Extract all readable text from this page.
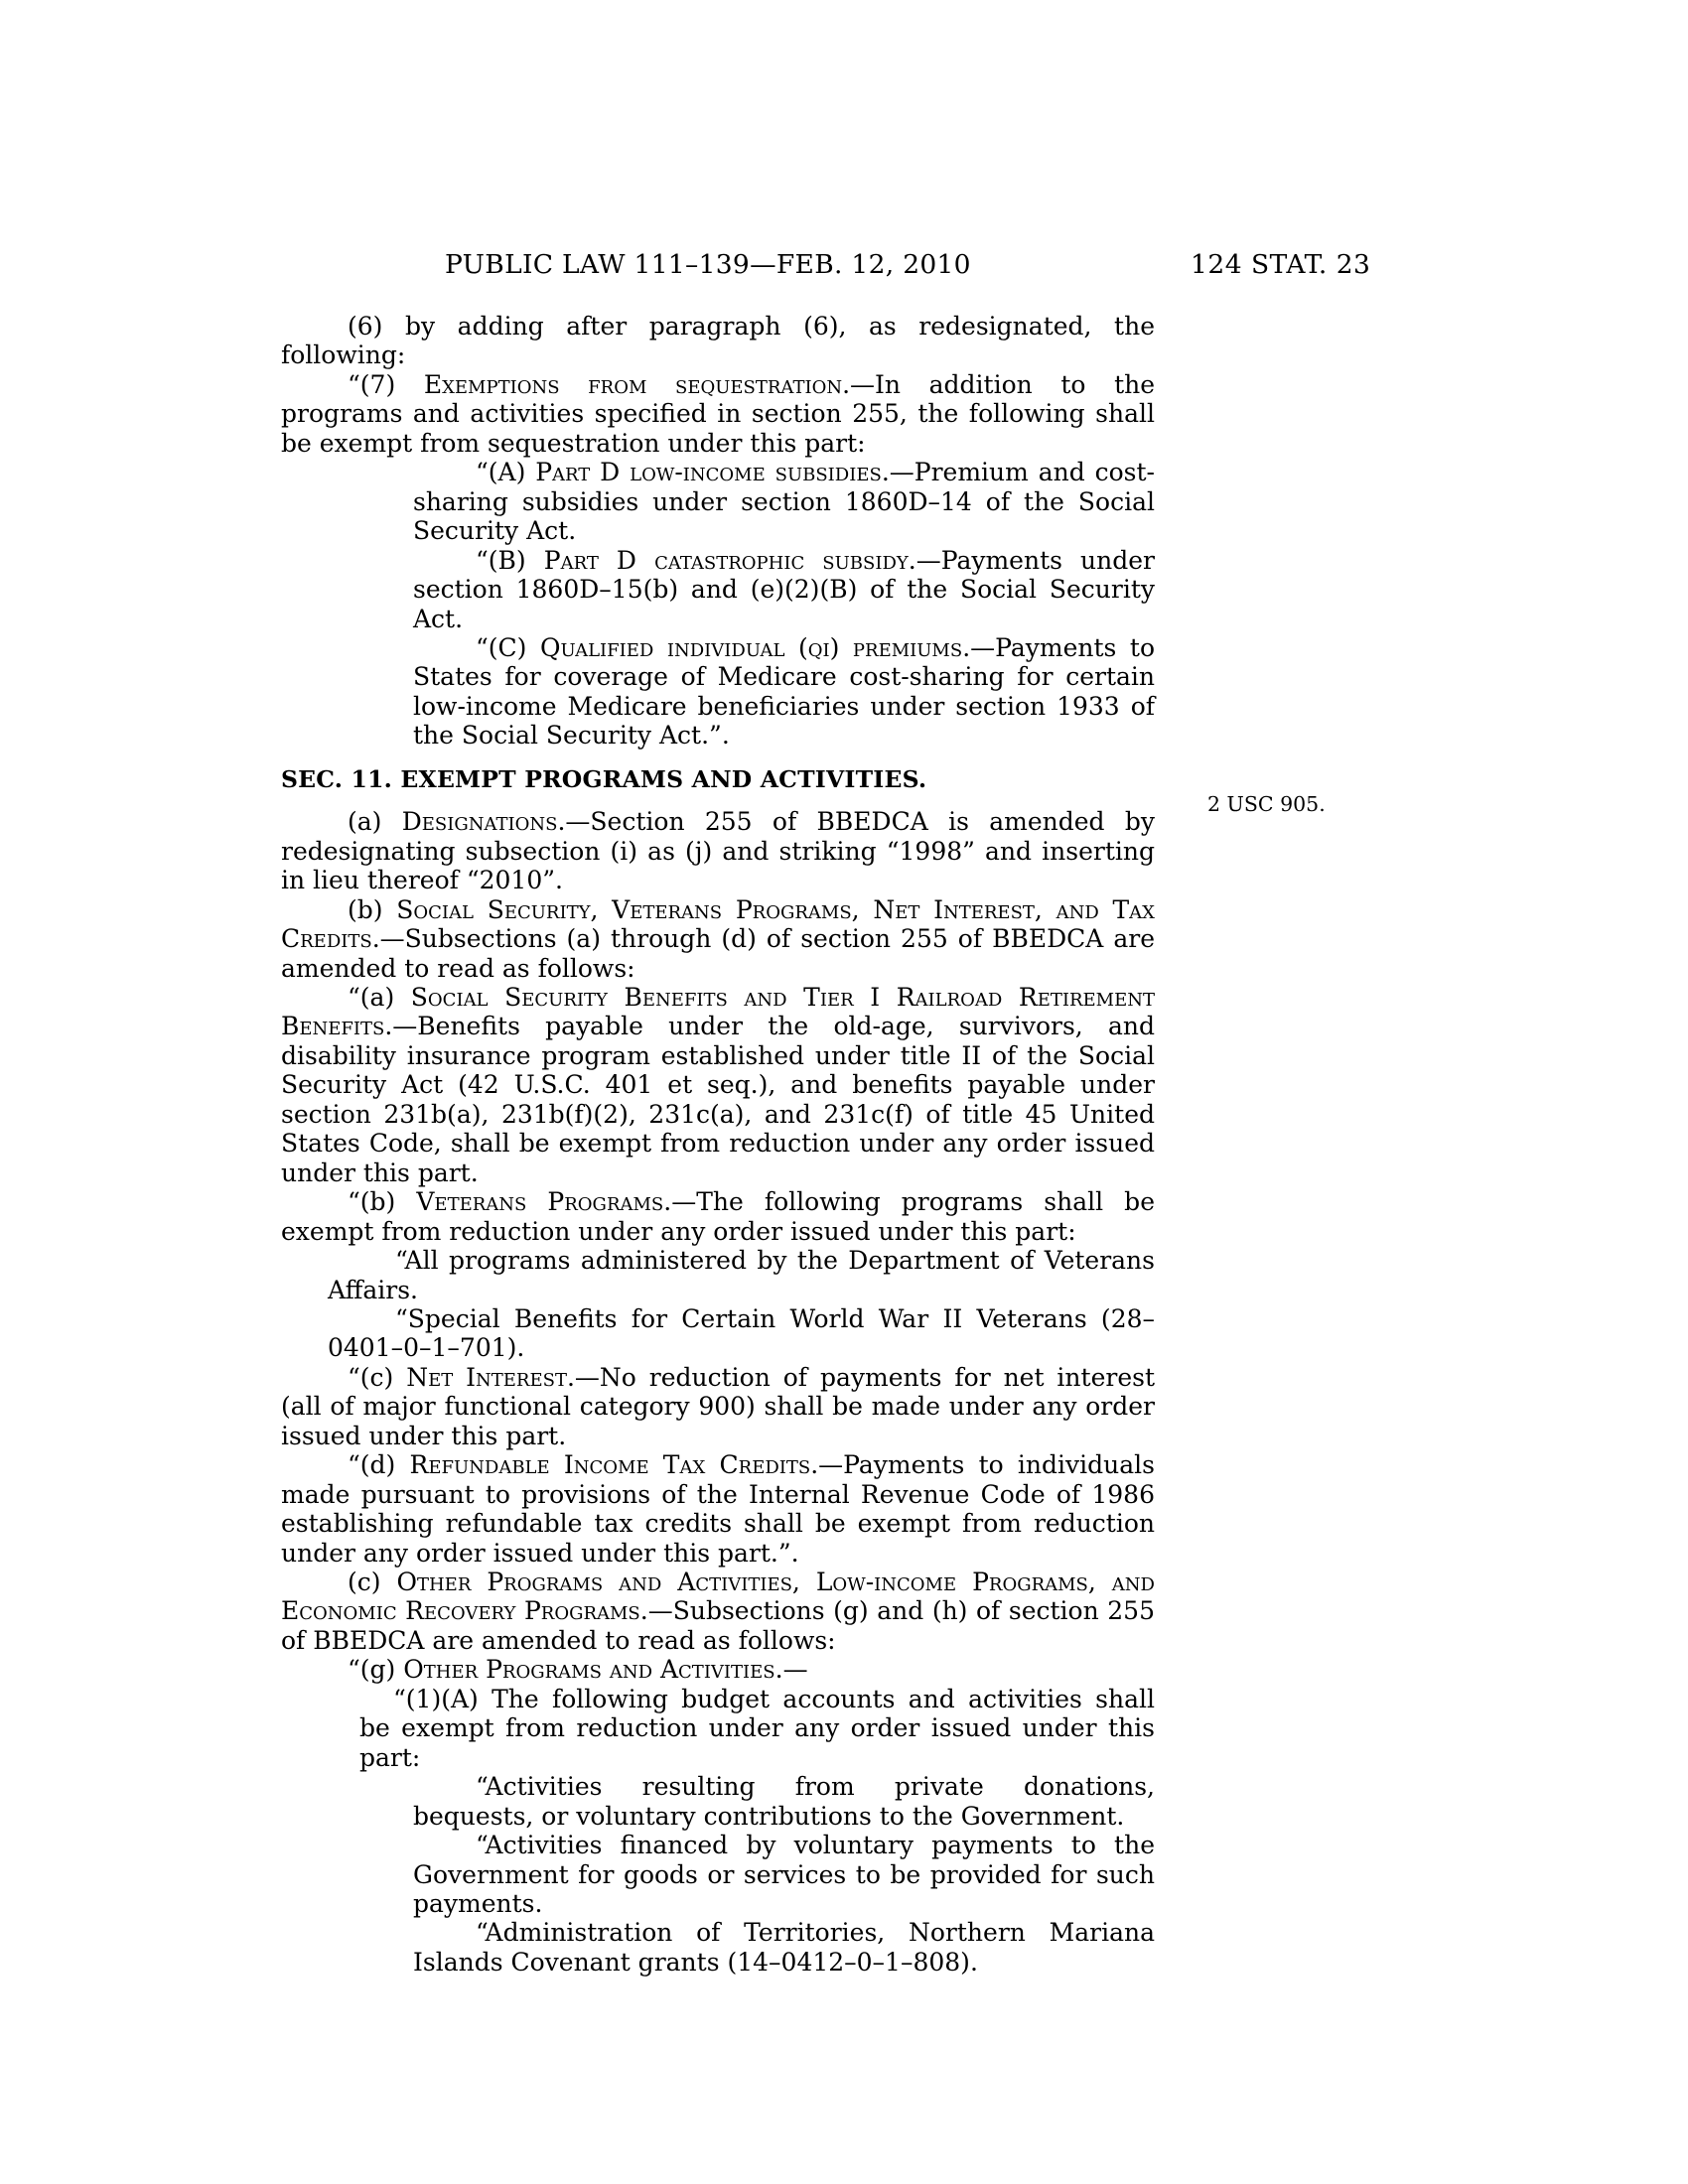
PUBLIC LAW 111–139—FEB. 12, 2010	124 STAT. 23
2 USC 905.

(6) by adding after paragraph (6), as redesignated, the following:

“(7) Exemptions from sequestration.—In addition to the programs and activities specified in section 255, the following shall be exempt from sequestration under this part:

“(A) Part D low-income subsidies.—Premium and cost-sharing subsidies under section 1860D–14 of the Social Security Act.

“(B) Part D catastrophic subsidy.—Payments under section 1860D–15(b) and (e)(2)(B) of the Social Security Act.

“(C) Qualified individual (QI) premiums.—Payments to States for coverage of Medicare cost-sharing for certain low-income Medicare beneficiaries under section 1933 of the Social Security Act.”.

SEC. 11. EXEMPT PROGRAMS AND ACTIVITIES.

(a) Designations.—Section 255 of BBEDCA is amended by redesignating subsection (i) as (j) and striking “1998” and inserting in lieu thereof “2010”.

(b) Social Security, Veterans Programs, Net Interest, and Tax Credits.—Subsections (a) through (d) of section 255 of BBEDCA are amended to read as follows:

“(a) Social Security Benefits and Tier I Railroad Retirement Benefits.—Benefits payable under the old-age, survivors, and disability insurance program established under title II of the Social Security Act (42 U.S.C. 401 et seq.), and benefits payable under section 231b(a), 231b(f)(2), 231c(a), and 231c(f) of title 45 United States Code, shall be exempt from reduction under any order issued under this part.

“(b) Veterans Programs.—The following programs shall be exempt from reduction under any order issued under this part:

“All programs administered by the Department of Veterans Affairs.

“Special Benefits for Certain World War II Veterans (28–0401–0–1–701).

“(c) Net Interest.—No reduction of payments for net interest (all of major functional category 900) shall be made under any order issued under this part.

“(d) Refundable Income Tax Credits.—Payments to individuals made pursuant to provisions of the Internal Revenue Code of 1986 establishing refundable tax credits shall be exempt from reduction under any order issued under this part.”.

(c) Other Programs and Activities, Low-income Programs, and Economic Recovery Programs.—Subsections (g) and (h) of section 255 of BBEDCA are amended to read as follows:

“(g) Other Programs and Activities.—

“(1)(A) The following budget accounts and activities shall be exempt from reduction under any order issued under this part:

“Activities resulting from private donations, bequests, or voluntary contributions to the Government.

“Activities financed by voluntary payments to the Government for goods or services to be provided for such payments.

“Administration of Territories, Northern Mariana Islands Covenant grants (14–0412–0–1–808).
